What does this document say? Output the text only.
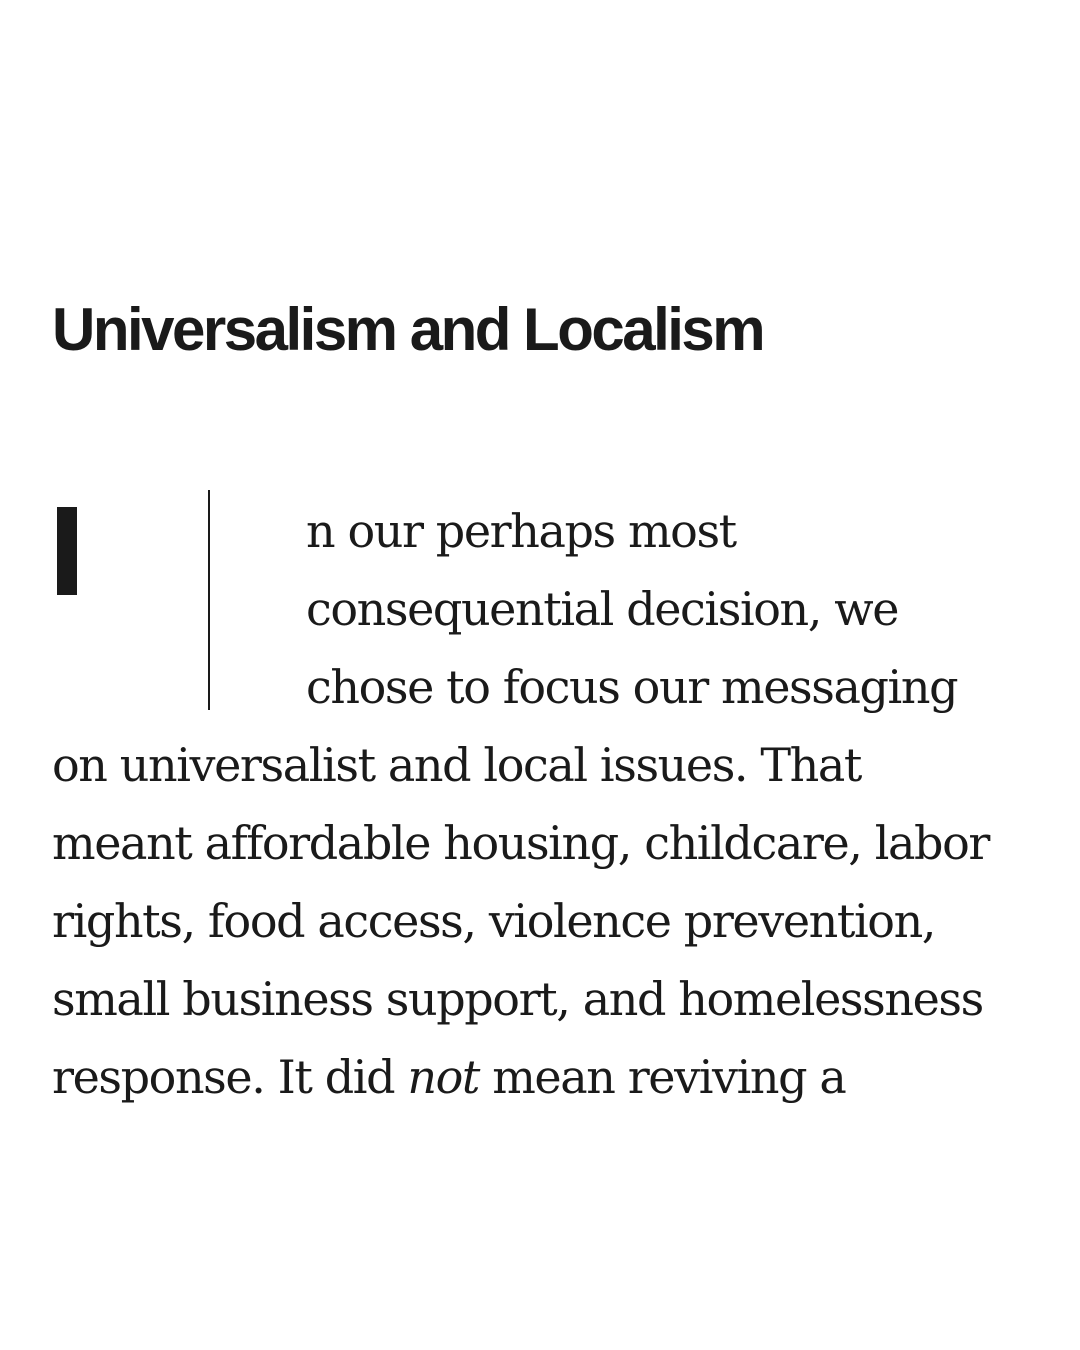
Universalism and Localism
n our perhaps most
consequential decision, we
chose to focus our messaging
on universalist and local issues. That
meant affordable housing, childcare, labor
rights, food access, violence prevention,
small business support, and homelessness
response. It did not mean reviving a
